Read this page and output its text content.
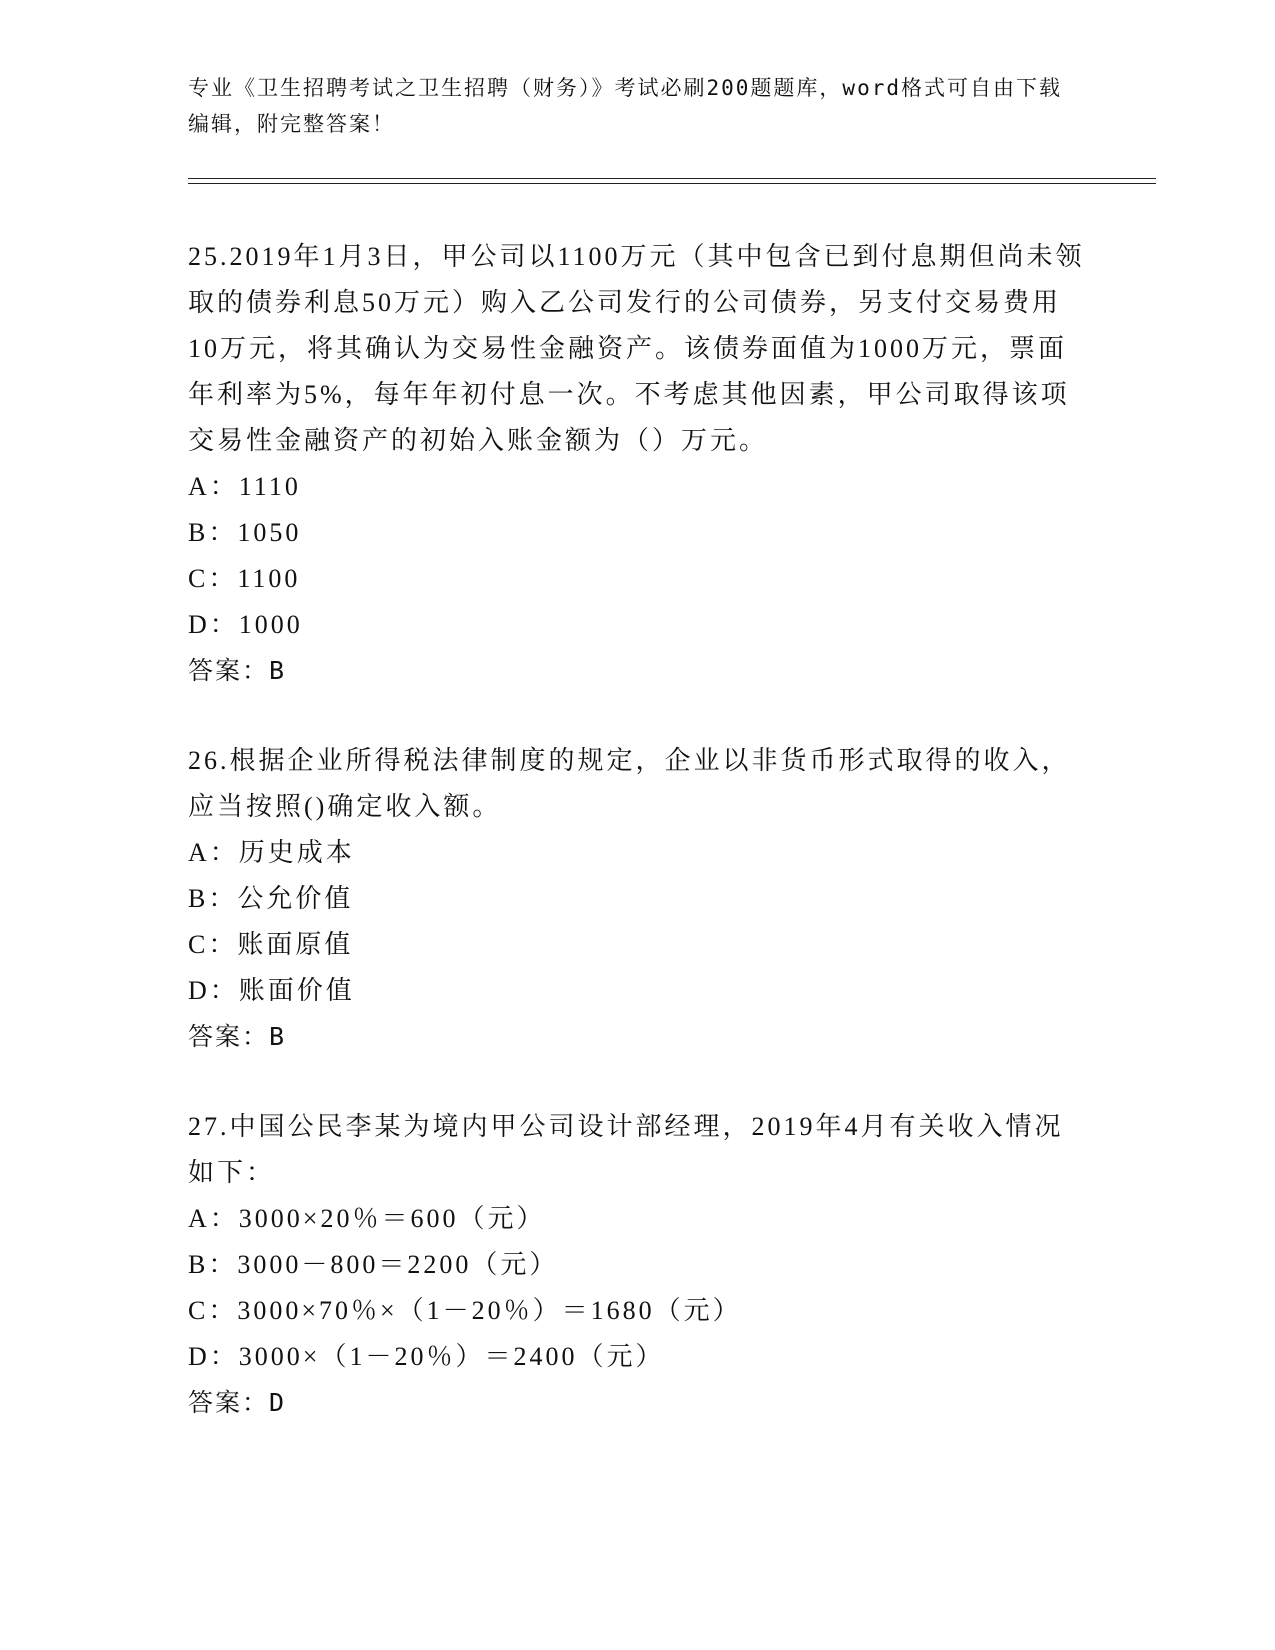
专业《卫生招聘考试之卫生招聘（财务）》考试必刷200题题库，word格式可自由下载编辑，附完整答案！

25.2019年1月3日，甲公司以1100万元（其中包含已到付息期但尚未领取的债券利息50万元）购入乙公司发行的公司债券，另支付交易费用10万元，将其确认为交易性金融资产。该债券面值为1000万元，票面年利率为5%，每年年初付息一次。不考虑其他因素，甲公司取得该项交易性金融资产的初始入账金额为（）万元。

A：1110

B：1050

C：1100

D：1000

答案：B

26.根据企业所得税法律制度的规定，企业以非货币形式取得的收入，应当按照()确定收入额。

A：历史成本

B：公允价值

C：账面原值

D：账面价值

答案：B

27.中国公民李某为境内甲公司设计部经理，2019年4月有关收入情况如下：

A：3000×20％＝600（元）

B：3000－800＝2200（元）

C：3000×70％×（1－20％）＝1680（元）

D：3000×（1－20％）＝2400（元）

答案：D
